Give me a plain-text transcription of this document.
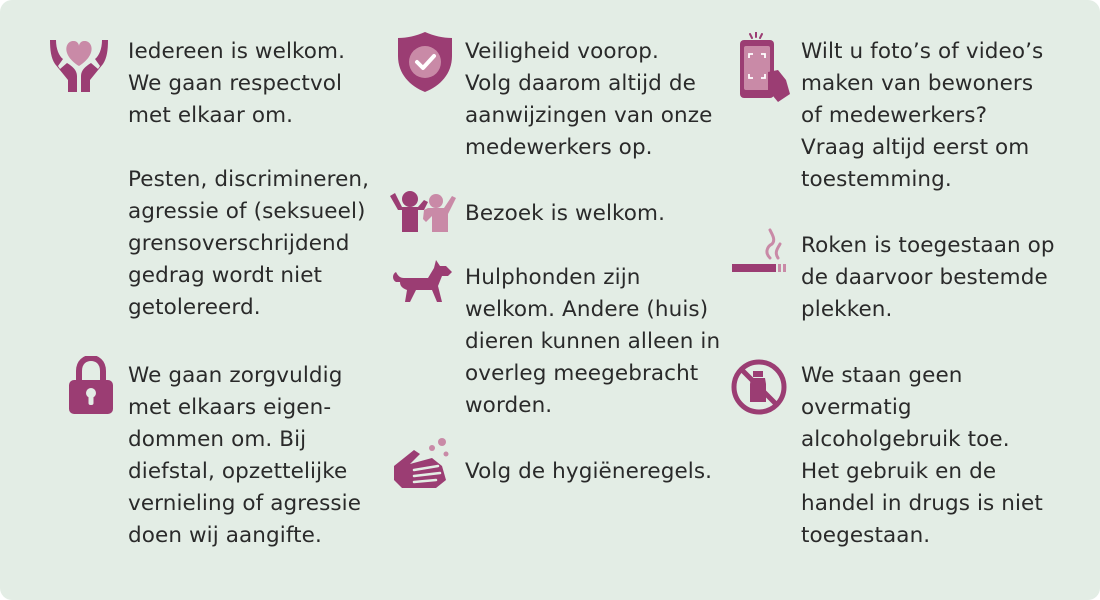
Iedereen is welkom.
We gaan respectvol
met elkaar om.
Pesten, discrimineren,
agressie of (seksueel)
grensoverschrijdend
gedrag wordt niet
getolereerd.

We gaan zorgvuldig
met elkaars eigen-
dommen om. Bij
diefstal, opzettelijke
vernieling of agressie
doen wij aangifte.

Veiligheid voorop.
Volg daarom altijd de
aanwijzingen van onze
medewerkers op.

Bezoek is welkom.

Hulphonden zijn
welkom. Andere (huis)
dieren kunnen alleen in
overleg meegebracht
worden.

Volg de hygiëneregels.

Wilt u foto’s of video’s
maken van bewoners
of medewerkers?
Vraag altijd eerst om
toestemming.

Roken is toegestaan op
de daarvoor bestemde
plekken.

We staan geen
overmatig
alcoholgebruik toe.
Het gebruik en de
handel in drugs is niet
toegestaan.
